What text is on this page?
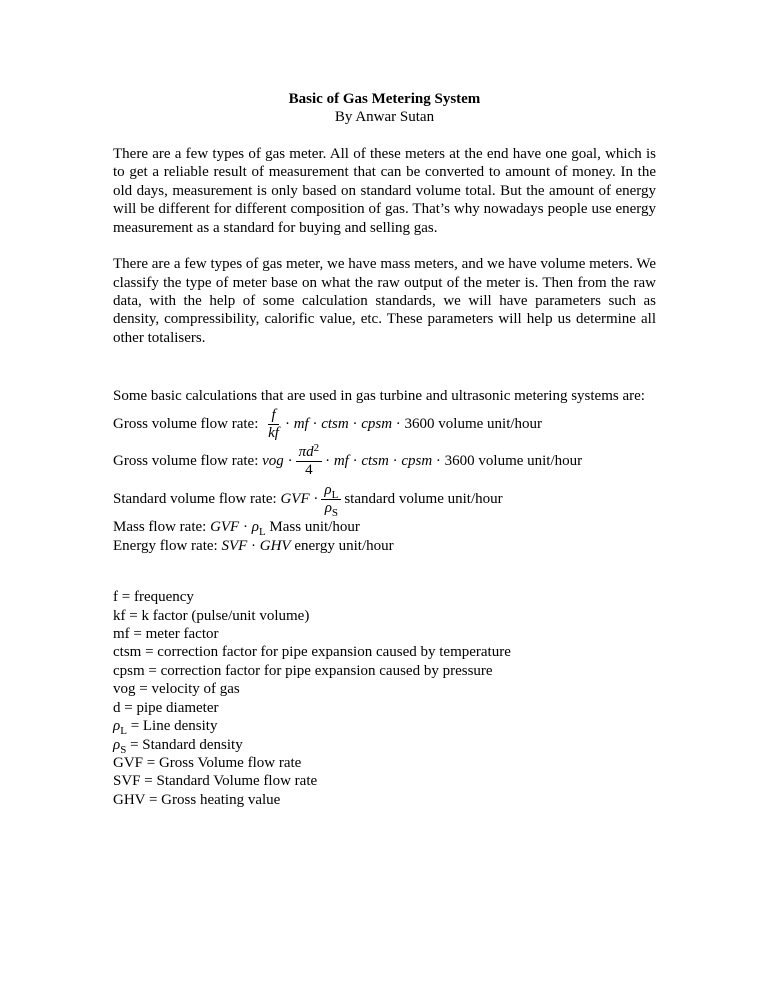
Basic of Gas Metering System

By Anwar Sutan

There are a few types of gas meter. All of these meters at the end have one goal, which is to get a reliable result of measurement that can be converted to amount of money. In the old days, measurement is only based on standard volume total. But the amount of energy will be different for different composition of gas. That’s why nowadays people use energy measurement as a standard for buying and selling gas.

There are a few types of gas meter, we have mass meters, and we have volume meters. We classify the type of meter base on what the raw output of the meter is. Then from the raw data, with the help of some calculation standards, we will have parameters such as density, compressibility, calorific value, etc. These parameters will help us determine all other totalisers.

Some basic calculations that are used in gas turbine and ultrasonic metering systems are:

Gross volume flow rate: $\frac{f}{kf}$ · mf · ctsm · cpsm · 3600 volume unit/hour
Gross volume flow rate: vog · $\frac{\pi d^2}{4}$ · mf · ctsm · cpsm · 3600 volume unit/hour
Standard volume flow rate: GVF · $\frac{\rho_L}{\rho_S}$ standard volume unit/hour
Mass flow rate: GVF · $\rho_L$ Mass unit/hour
Energy flow rate: SVF · GHV energy unit/hour
f = frequency
kf = k factor (pulse/unit volume)
mf = meter factor
ctsm = correction factor for pipe expansion caused by temperature
cpsm = correction factor for pipe expansion caused by pressure
vog = velocity of gas
d = pipe diameter
$\rho_L$ = Line density
$\rho_S$ = Standard density
GVF = Gross Volume flow rate
SVF = Standard Volume flow rate
GHV = Gross heating value
